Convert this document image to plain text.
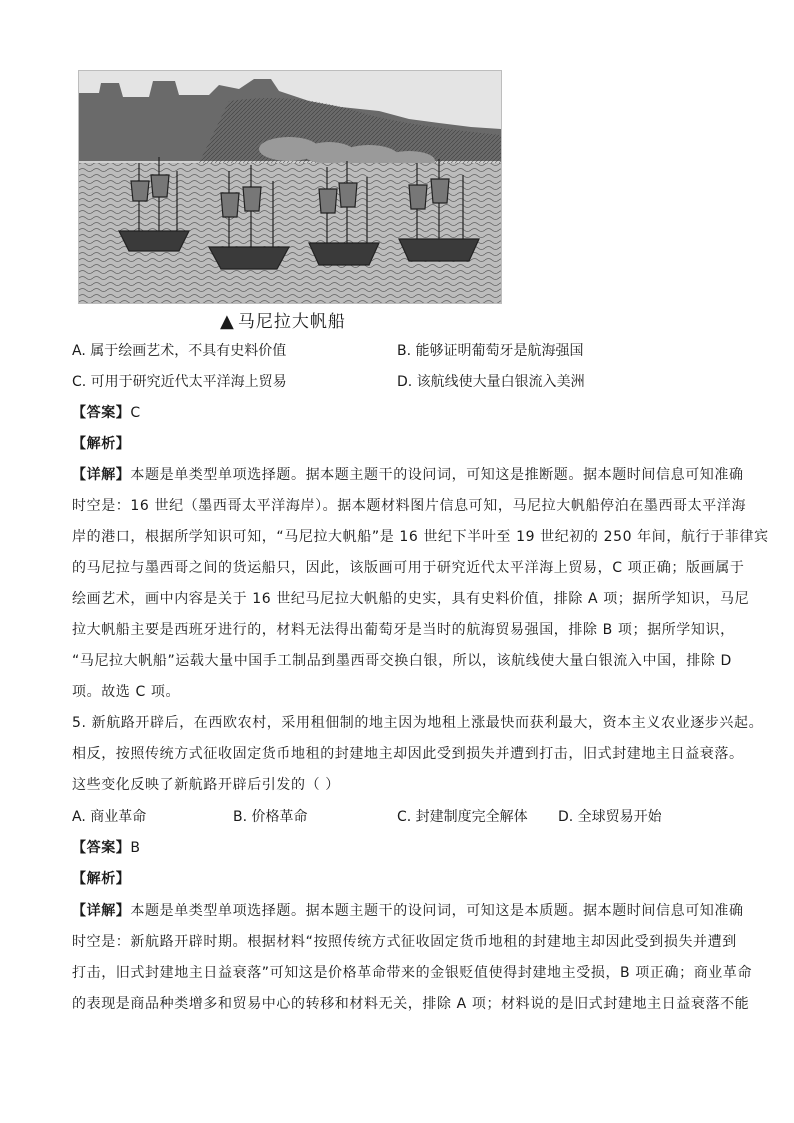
▲ 马尼拉大帆船
A. 属于绘画艺术，不具有史料价值	B. 能够证明葡萄牙是航海强国
C. 可用于研究近代太平洋海上贸易	D. 该航线使大量白银流入美洲
【答案】C
【解析】
【详解】本题是单类型单项选择题。据本题主题干的设问词，可知这是推断题。据本题时间信息可知准确
时空是：16 世纪（墨西哥太平洋海岸）。据本题材料图片信息可知，马尼拉大帆船停泊在墨西哥太平洋海
岸的港口，根据所学知识可知，“马尼拉大帆船”是 16 世纪下半叶至 19 世纪初的 250 年间，航行于菲律宾
的马尼拉与墨西哥之间的货运船只，因此，该版画可用于研究近代太平洋海上贸易，C 项正确；版画属于
绘画艺术，画中内容是关于 16 世纪马尼拉大帆船的史实，具有史料价值，排除 A 项；据所学知识，马尼
拉大帆船主要是西班牙进行的，材料无法得出葡萄牙是当时的航海贸易强国，排除 B 项；据所学知识，
“马尼拉大帆船”运载大量中国手工制品到墨西哥交换白银，所以，该航线使大量白银流入中国，排除 D
项。故选 C 项。
5. 新航路开辟后，在西欧农村，采用租佃制的地主因为地租上涨最快而获利最大，资本主义农业逐步兴起。
相反，按照传统方式征收固定货币地租的封建地主却因此受到损失并遭到打击，旧式封建地主日益衰落。
这些变化反映了新航路开辟后引发的（ ）
A. 商业革命	B. 价格革命	C. 封建制度完全解体 D. 全球贸易开始
【答案】B
【解析】
【详解】本题是单类型单项选择题。据本题主题干的设问词，可知这是本质题。据本题时间信息可知准确
时空是：新航路开辟时期。根据材料“按照传统方式征收固定货币地租的封建地主却因此受到损失并遭到
打击，旧式封建地主日益衰落”可知这是价格革命带来的金银贬值使得封建地主受损，B 项正确；商业革命
的表现是商品种类增多和贸易中心的转移和材料无关，排除 A 项；材料说的是旧式封建地主日益衰落不能
